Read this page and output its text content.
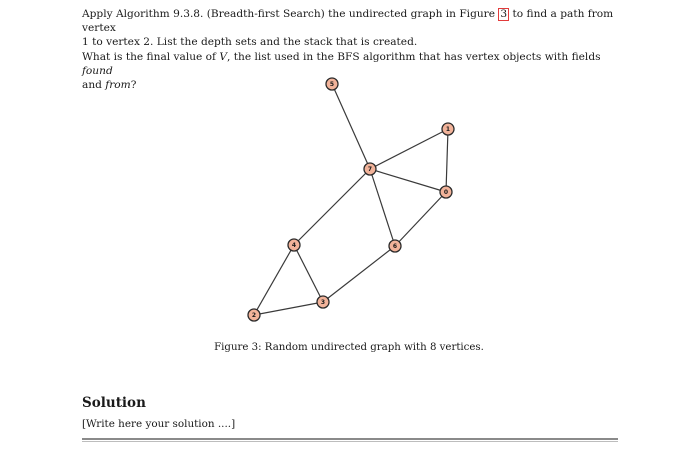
Apply Algorithm 9.3.8. (Breadth-first Search) the undirected graph in Figure 3 to find a path from vertex

1 to vertex 2. List the depth sets and the stack that is created.

What is the final value of V, the list used in the BFS algorithm that has vertex objects with fields found

and from?

0
1
2
3
4
5
6
7
Figure 3: Random undirected graph with 8 vertices.
Solution
[Write here your solution ....]
